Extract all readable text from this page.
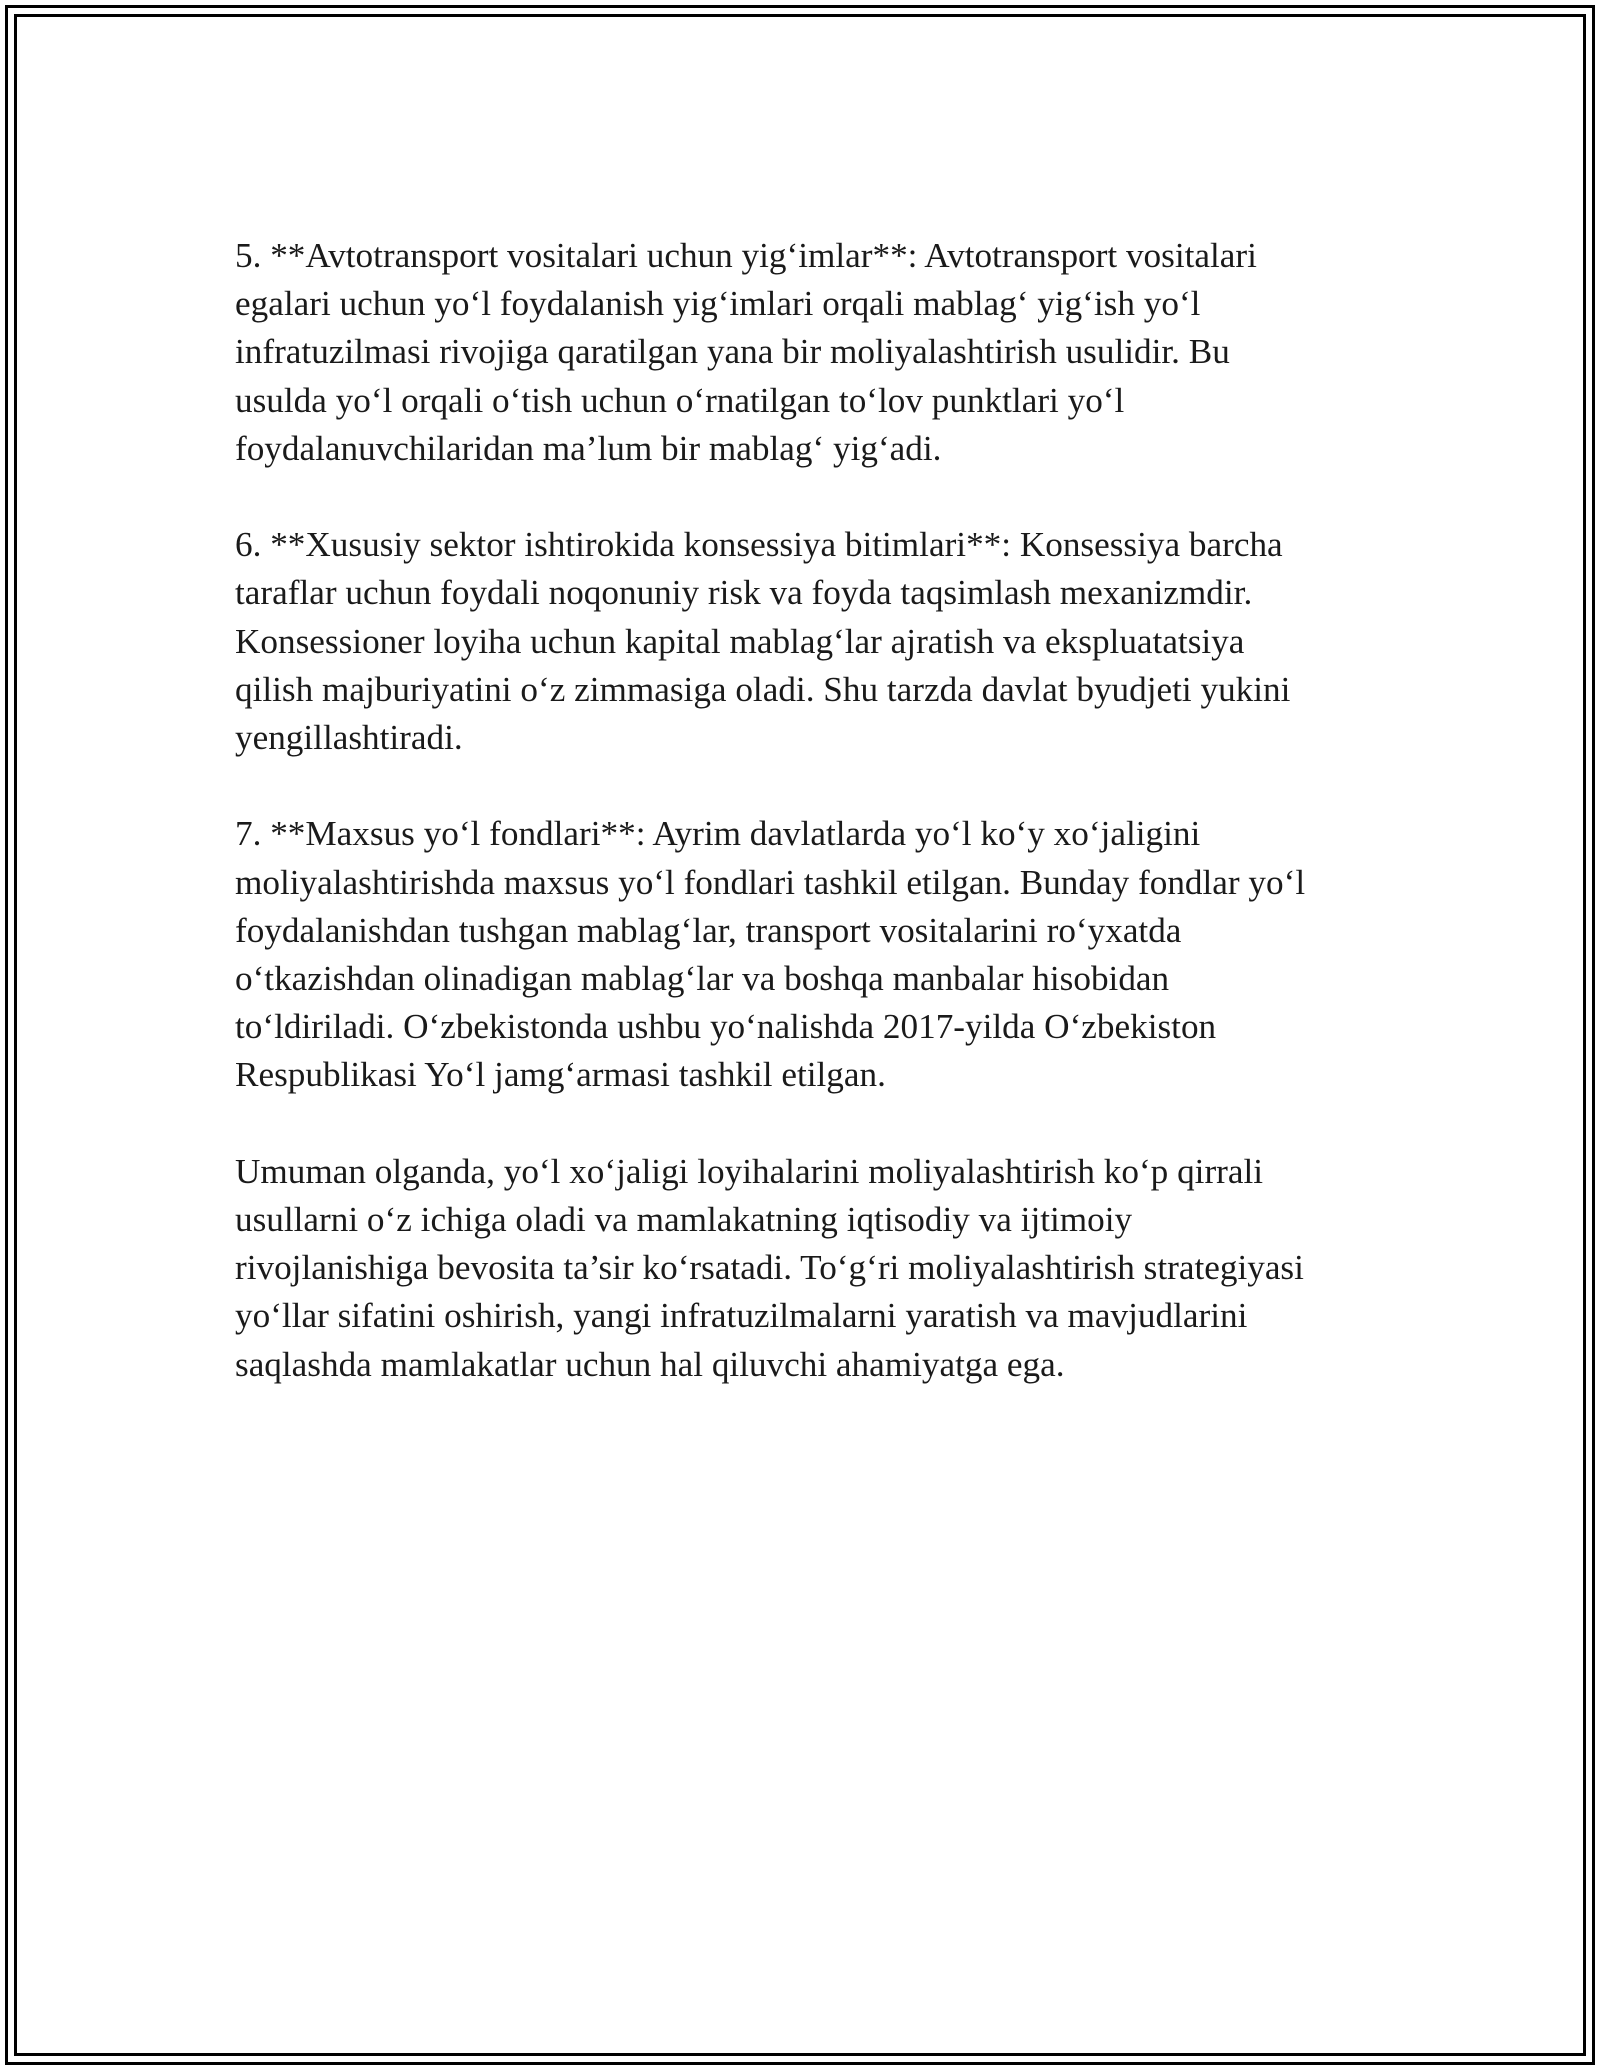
5. **Avtotransport vositalari uchun yig‘imlar**: Avtotransport vositalari
egalari uchun yo‘l foydalanish yig‘imlari orqali mablag‘ yig‘ish yo‘l
infratuzilmasi rivojiga qaratilgan yana bir moliyalashtirish usulidir. Bu
usulda yo‘l orqali o‘tish uchun o‘rnatilgan to‘lov punktlari yo‘l
foydalanuvchilaridan ma’lum bir mablag‘ yig‘adi.

6. **Xususiy sektor ishtirokida konsessiya bitimlari**: Konsessiya barcha
taraflar uchun foydali noqonuniy risk va foyda taqsimlash mexanizmdir.
Konsessioner loyiha uchun kapital mablag‘lar ajratish va ekspluatatsiya
qilish majburiyatini o‘z zimmasiga oladi. Shu tarzda davlat byudjeti yukini
yengillashtiradi.

7. **Maxsus yo‘l fondlari**: Ayrim davlatlarda yo‘l ko‘y xo‘jaligini
moliyalashtirishda maxsus yo‘l fondlari tashkil etilgan. Bunday fondlar yo‘l
foydalanishdan tushgan mablag‘lar, transport vositalarini ro‘yxatda
o‘tkazishdan olinadigan mablag‘lar va boshqa manbalar hisobidan
to‘ldiriladi. O‘zbekistonda ushbu yo‘nalishda 2017-yilda O‘zbekiston
Respublikasi Yo‘l jamg‘armasi tashkil etilgan.

Umuman olganda, yo‘l xo‘jaligi loyihalarini moliyalashtirish ko‘p qirrali
usullarni o‘z ichiga oladi va mamlakatning iqtisodiy va ijtimoiy
rivojlanishiga bevosita ta’sir ko‘rsatadi. To‘g‘ri moliyalashtirish strategiyasi
yo‘llar sifatini oshirish, yangi infratuzilmalarni yaratish va mavjudlarini
saqlashda mamlakatlar uchun hal qiluvchi ahamiyatga ega.
